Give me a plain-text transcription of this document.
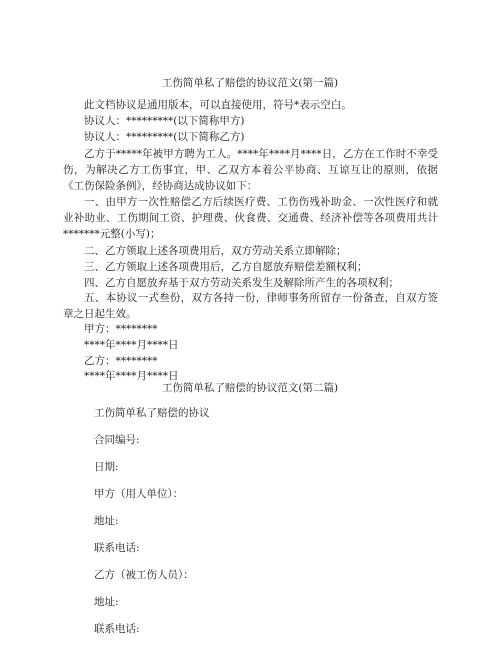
工伤简单私了赔偿的协议范文(第一篇)
此文档协议是通用版本，可以直接使用，符号*表示空白。
协议人：*********(以下简称甲方)
协议人：*********(以下简称乙方)
乙方于*****年被甲方聘为工人。****年****月****日，乙方在工作时不幸受伤，为解决乙方工伤事宜，甲、乙双方本着公平协商、互谅互让的原则，依据《工伤保险条例》，经协商达成协议如下：
一、由甲方一次性赔偿乙方后续医疗费、工伤伤残补助金、一次性医疗和就业补助业、工伤期间工资、护理费、伙食费、交通费、经济补偿等各项费用共计*******元整(小写)；
二、乙方领取上述各项费用后，双方劳动关系立即解除；
三、乙方领取上述各项费用后，乙方自愿放弃赔偿差额权利；
四、乙方自愿放弃基于双方劳动关系发生及解除所产生的各项权利；
五、本协议一式叁份，双方各持一份，律师事务所留存一份备查，自双方签章之日起生效。
甲方：********
****年****月****日
乙方：********
****年****月****日
工伤简单私了赔偿的协议范文(第二篇)
工伤简单私了赔偿的协议
合同编号:
日期:
甲方（用人单位）：
地址:
联系电话:
乙方（被工伤人员）：
地址:
联系电话:
